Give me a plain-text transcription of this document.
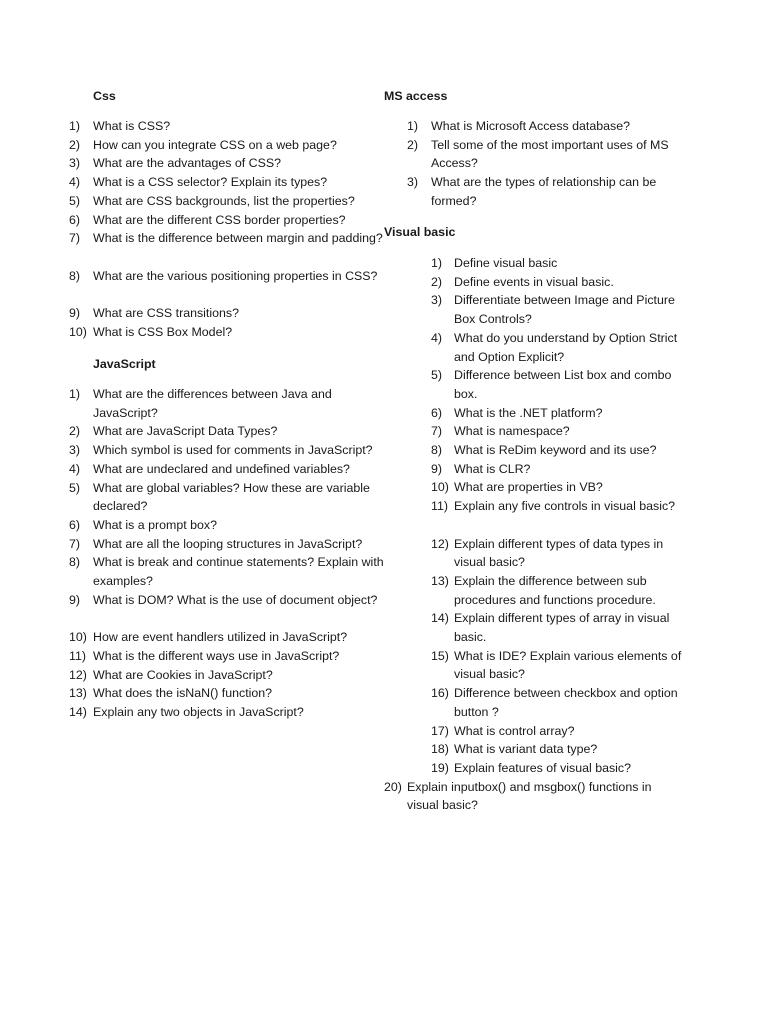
Css
1) What is CSS?
2) How can you integrate CSS on a web page?
3) What are the advantages of CSS?
4) What is a CSS selector? Explain its types?
5) What are CSS backgrounds, list the properties?
6) What are the different CSS border properties?
7) What is the difference between margin and padding?
8) What are the various positioning properties in CSS?
9) What are CSS transitions?
10) What is CSS Box Model?
JavaScript
1) What are the differences between Java and JavaScript?
2) What are JavaScript Data Types?
3) Which symbol is used for comments in JavaScript?
4) What are undeclared and undefined variables?
5) What are global variables? How these are variable declared?
6) What is a prompt box?
7) What are all the looping structures in JavaScript?
8) What is break and continue statements? Explain with examples?
9) What is DOM? What is the use of document object?
10) How are event handlers utilized in JavaScript?
11) What is the different ways use in JavaScript?
12) What are Cookies in JavaScript?
13) What does the isNaN() function?
14) Explain any two objects in JavaScript?
MS access
1) What is Microsoft Access database?
2) Tell some of the most important uses of MS Access?
3) What are the types of relationship can be formed?
Visual basic
1) Define visual basic
2) Define events in visual basic.
3) Differentiate between Image and Picture Box Controls?
4) What do you understand by Option Strict and Option Explicit?
5) Difference between List box and combo box.
6) What is the .NET platform?
7) What is namespace?
8) What is ReDim keyword and its use?
9) What is CLR?
10) What are properties in VB?
11) Explain any five controls in visual basic?
12) Explain different types of data types in visual basic?
13) Explain the difference between sub procedures and functions procedure.
14) Explain different types of array in visual basic.
15) What is IDE? Explain various elements of visual basic?
16) Difference between checkbox and option button ?
17) What is control array?
18) What is variant data type?
19) Explain features of visual basic?
20) Explain inputbox() and msgbox() functions in visual basic?
